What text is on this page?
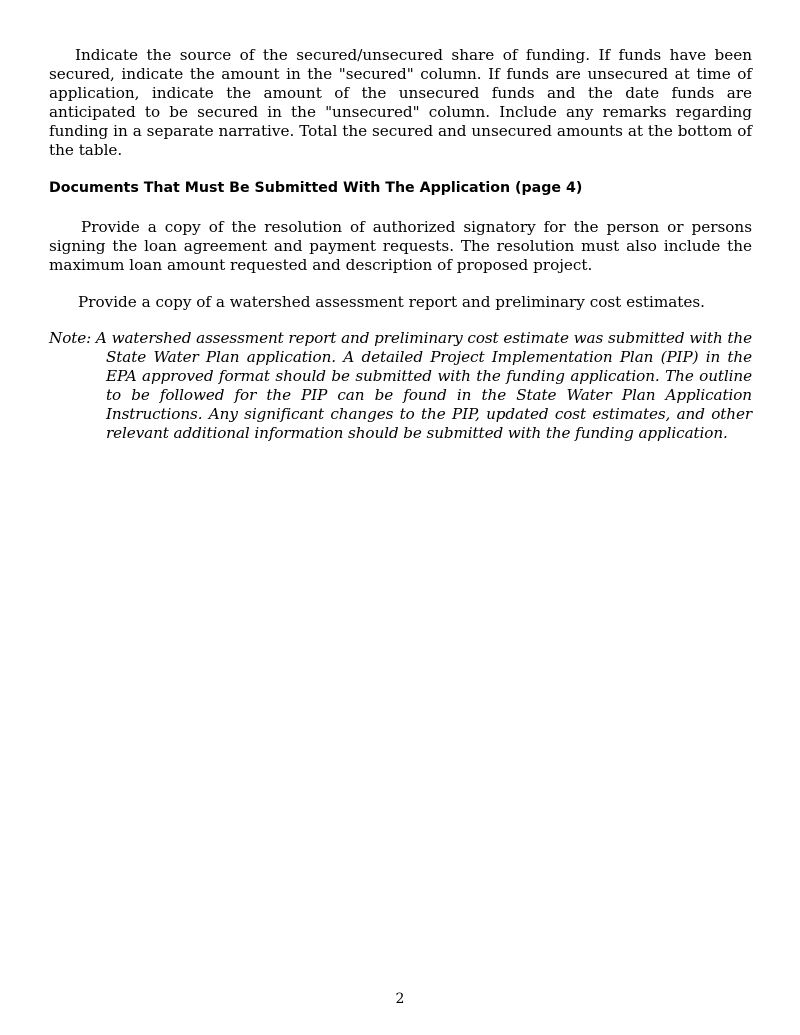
Indicate the source of the secured/unsecured share of funding. If funds have been secured, indicate the amount in the "secured" column. If funds are unsecured at time of application, indicate the amount of the unsecured funds and the date funds are anticipated to be secured in the "unsecured" column. Include any remarks regarding funding in a separate narrative. Total the secured and unsecured amounts at the bottom of the table.

Documents That Must Be Submitted With The Application (page 4)

Provide a copy of the resolution of authorized signatory for the person or persons signing the loan agreement and payment requests. The resolution must also include the maximum loan amount requested and description of proposed project.

Provide a copy of a watershed assessment report and preliminary cost estimates.

Note: A watershed assessment report and preliminary cost estimate was submitted with the State Water Plan application. A detailed Project Implementation Plan (PIP) in the EPA approved format should be submitted with the funding application. The outline to be followed for the PIP can be found in the State Water Plan Application Instructions. Any significant changes to the PIP, updated cost estimates, and other relevant additional information should be submitted with the funding application.

2
